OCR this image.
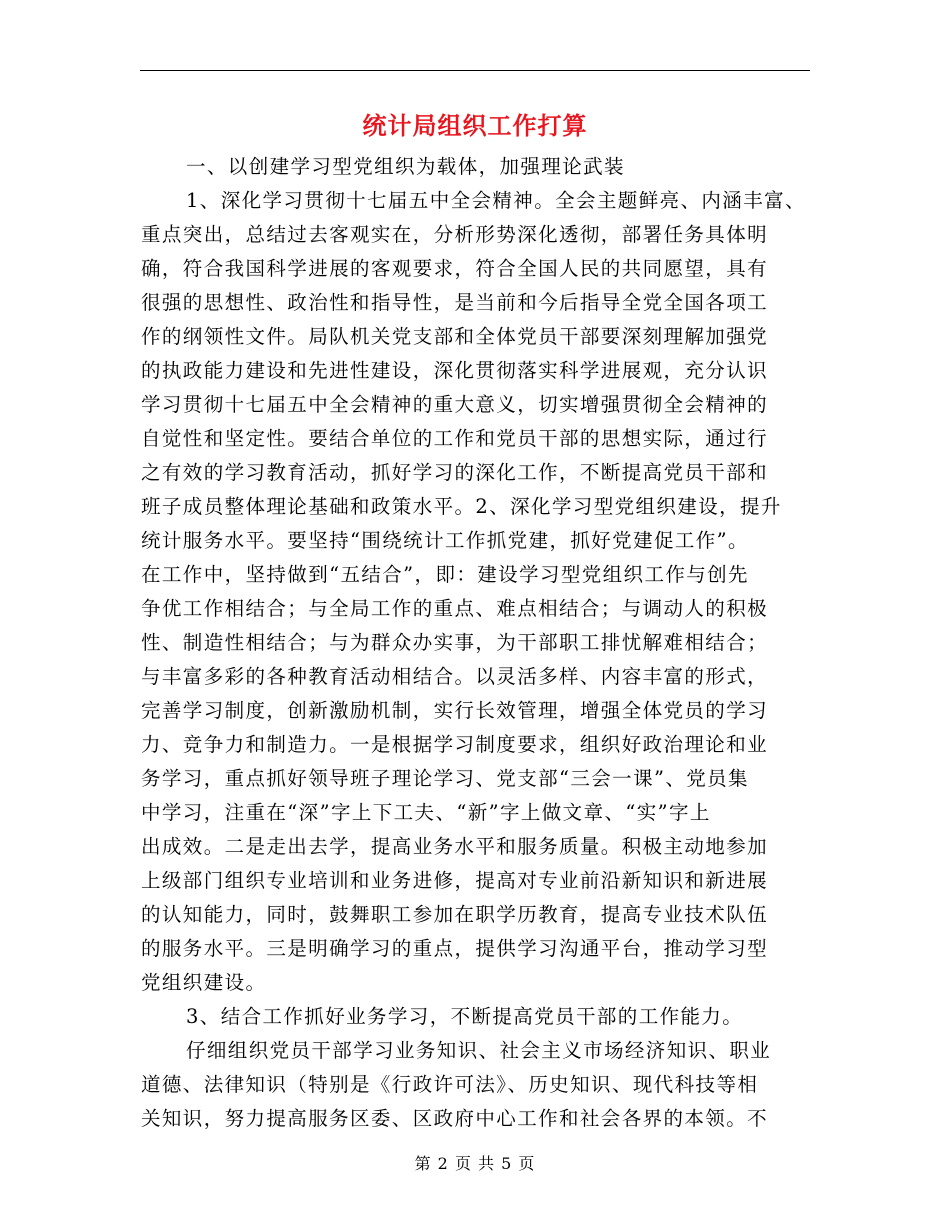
统计局组织工作打算
一、以创建学习型党组织为载体，加强理论武装
1、深化学习贯彻十七届五中全会精神。全会主题鲜亮、内涵丰富、
重点突出，总结过去客观实在，分析形势深化透彻，部署任务具体明
确，符合我国科学进展的客观要求，符合全国人民的共同愿望，具有
很强的思想性、政治性和指导性，是当前和今后指导全党全国各项工
作的纲领性文件。局队机关党支部和全体党员干部要深刻理解加强党
的执政能力建设和先进性建设，深化贯彻落实科学进展观，充分认识
学习贯彻十七届五中全会精神的重大意义，切实增强贯彻全会精神的
自觉性和坚定性。要结合单位的工作和党员干部的思想实际，通过行
之有效的学习教育活动，抓好学习的深化工作，不断提高党员干部和
班子成员整体理论基础和政策水平。2、深化学习型党组织建设，提升
统计服务水平。要坚持“围绕统计工作抓党建，抓好党建促工作”。
在工作中，坚持做到“五结合”，即：建设学习型党组织工作与创先
争优工作相结合；与全局工作的重点、难点相结合；与调动人的积极
性、制造性相结合；与为群众办实事，为干部职工排忧解难相结合；
与丰富多彩的各种教育活动相结合。以灵活多样、内容丰富的形式，
完善学习制度，创新激励机制，实行长效管理，增强全体党员的学习
力、竞争力和制造力。一是根据学习制度要求，组织好政治理论和业
务学习，重点抓好领导班子理论学习、党支部“三会一课”、党员集
中学习，注重在“深”字上下工夫、“新”字上做文章、“实”字上
出成效。二是走出去学，提高业务水平和服务质量。积极主动地参加
上级部门组织专业培训和业务进修，提高对专业前沿新知识和新进展
的认知能力，同时，鼓舞职工参加在职学历教育，提高专业技术队伍
的服务水平。三是明确学习的重点，提供学习沟通平台，推动学习型
党组织建设。
3、结合工作抓好业务学习，不断提高党员干部的工作能力。
仔细组织党员干部学习业务知识、社会主义市场经济知识、职业
道德、法律知识（特别是《行政许可法》、历史知识、现代科技等相
关知识，努力提高服务区委、区政府中心工作和社会各界的本领。不
第 2 页 共 5 页
